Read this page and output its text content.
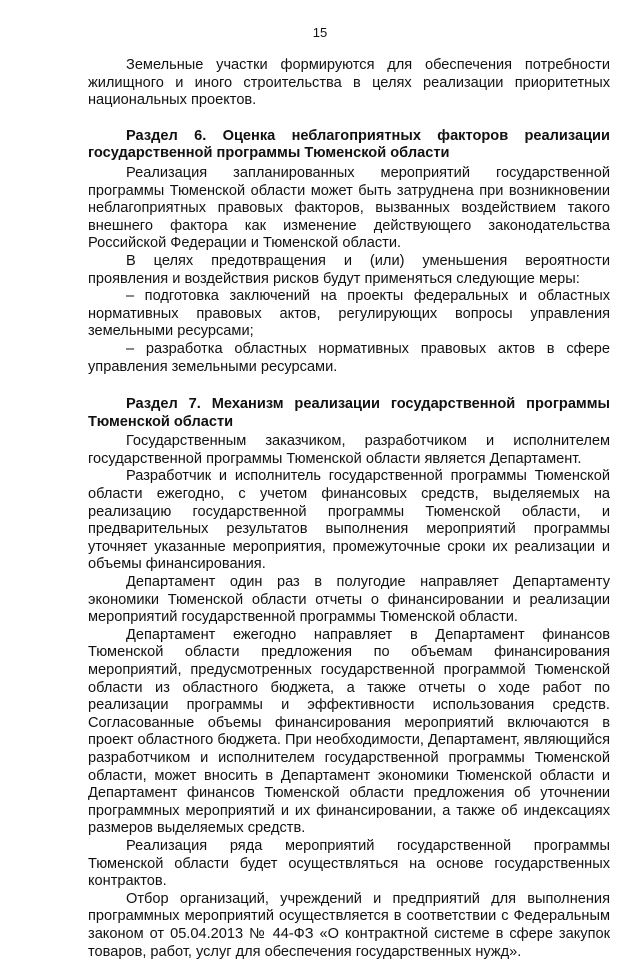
15

Земельные участки формируются для обеспечения потребности жилищного и иного строительства в целях реализации приоритетных национальных проектов.

Раздел 6. Оценка неблагоприятных факторов реализации государственной программы Тюменской области

Реализация запланированных мероприятий государственной программы Тюменской области может быть затруднена при возникновении неблагоприятных правовых факторов, вызванных воздействием такого внешнего фактора как изменение действующего законодательства Российской Федерации и Тюменской области.

В целях предотвращения и (или) уменьшения вероятности проявления и воздействия рисков будут применяться следующие меры:

– подготовка заключений на проекты федеральных и областных нормативных правовых актов, регулирующих вопросы управления земельными ресурсами;

– разработка областных нормативных правовых актов в сфере управления земельными ресурсами.

Раздел 7. Механизм реализации государственной программы Тюменской области

Государственным заказчиком, разработчиком и исполнителем государственной программы Тюменской области является Департамент.

Разработчик и исполнитель государственной программы Тюменской области ежегодно, с учетом финансовых средств, выделяемых на реализацию государственной программы Тюменской области, и предварительных результатов выполнения мероприятий программы уточняет указанные мероприятия, промежуточные сроки их реализации и объемы финансирования.

Департамент один раз в полугодие направляет Департаменту экономики Тюменской области отчеты о финансировании и реализации мероприятий государственной программы Тюменской области.

Департамент ежегодно направляет в Департамент финансов Тюменской области предложения по объемам финансирования мероприятий, предусмотренных государственной программой Тюменской области из областного бюджета, а также отчеты о ходе работ по реализации программы и эффективности использования средств. Согласованные объемы финансирования мероприятий включаются в проект областного бюджета. При необходимости, Департамент, являющийся разработчиком и исполнителем государственной программы Тюменской области, может вносить в Департамент экономики Тюменской области и Департамент финансов Тюменской области предложения об уточнении программных мероприятий и их финансировании, а также об индексациях размеров выделяемых средств.

Реализация ряда мероприятий государственной программы Тюменской области будет осуществляться на основе государственных контрактов.

Отбор организаций, учреждений и предприятий для выполнения программных мероприятий осуществляется в соответствии с Федеральным законом от 05.04.2013 № 44-ФЗ «О контрактной системе в сфере закупок товаров, работ, услуг для обеспечения государственных нужд».
